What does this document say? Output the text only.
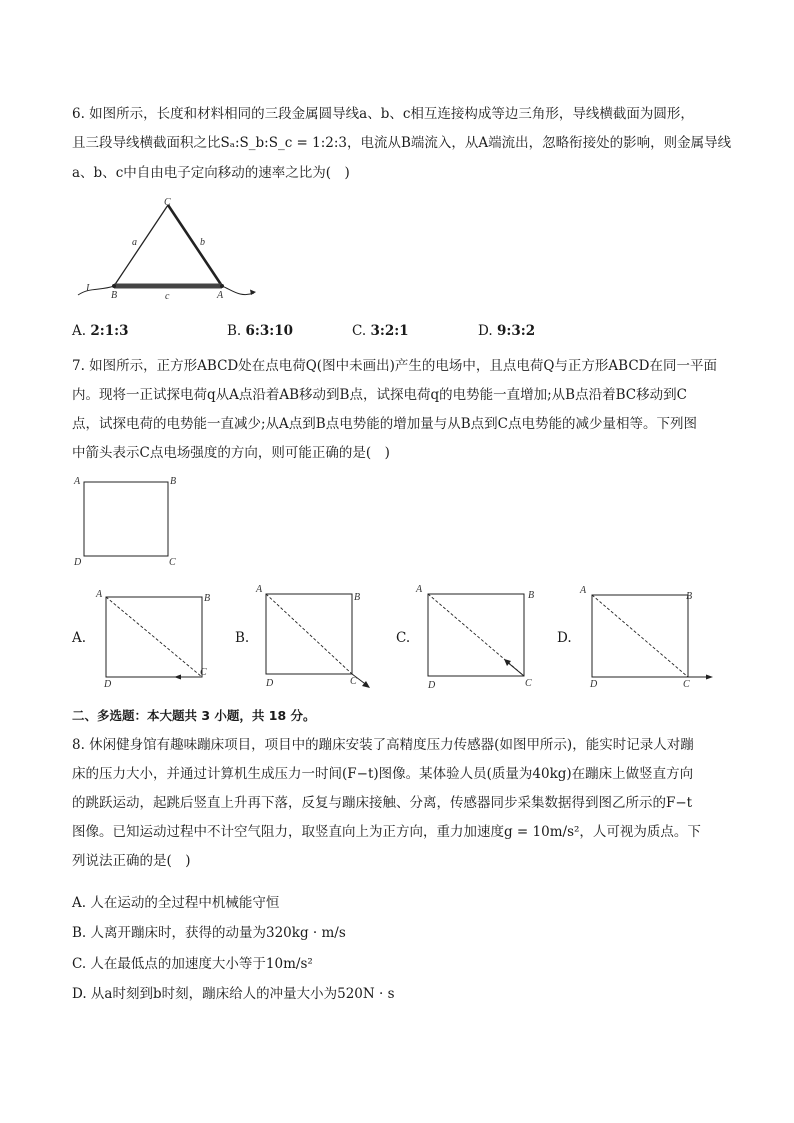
6. 如图所示，长度和材料相同的三段金属圆导线a、b、c相互连接构成等边三角形，导线横截面为圆形，
且三段导线横截面积之比Sₐ:S_b:S_c = 1:2:3，电流从B端流入，从A端流出，忽略衔接处的影响，则金属导线
a、b、c中自由电子定向移动的速率之比为(　)
C
a	b
B	c	A
I
A. 2:1:3	B. 6:3:10	C. 3:2:1	D. 9:3:2
7. 如图所示，正方形ABCD处在点电荷Q(图中未画出)产生的电场中，且点电荷Q与正方形ABCD在同一平面
内。现将一正试探电荷q从A点沿着AB移动到B点，试探电荷q的电势能一直增加;从B点沿着BC移动到C
点，试探电荷的电势能一直减少;从A点到B点电势能的增加量与从B点到C点电势能的减少量相等。下列图
中箭头表示C点电场强度的方向，则可能正确的是(　)
A	B
D	C
A.
A	B
D
C
B.
A
B
D	C
C.
A
B
D	C
D.
A
B
D	C
二、多选题：本大题共 3 小题，共 18 分。
8. 休闲健身馆有趣味蹦床项目，项目中的蹦床安装了高精度压力传感器(如图甲所示)，能实时记录人对蹦
床的压力大小，并通过计算机生成压力一时间(F−t)图像。某体验人员(质量为40kg)在蹦床上做竖直方向
的跳跃运动，起跳后竖直上升再下落，反复与蹦床接触、分离，传感器同步采集数据得到图乙所示的F−t
图像。已知运动过程中不计空气阻力，取竖直向上为正方向，重力加速度g = 10m/s²，人可视为质点。下
列说法正确的是(　)
A. 人在运动的全过程中机械能守恒
B. 人离开蹦床时，获得的动量为320kg · m/s
C. 人在最低点的加速度大小等于10m/s²
D. 从a时刻到b时刻，蹦床给人的冲量大小为520N · s
